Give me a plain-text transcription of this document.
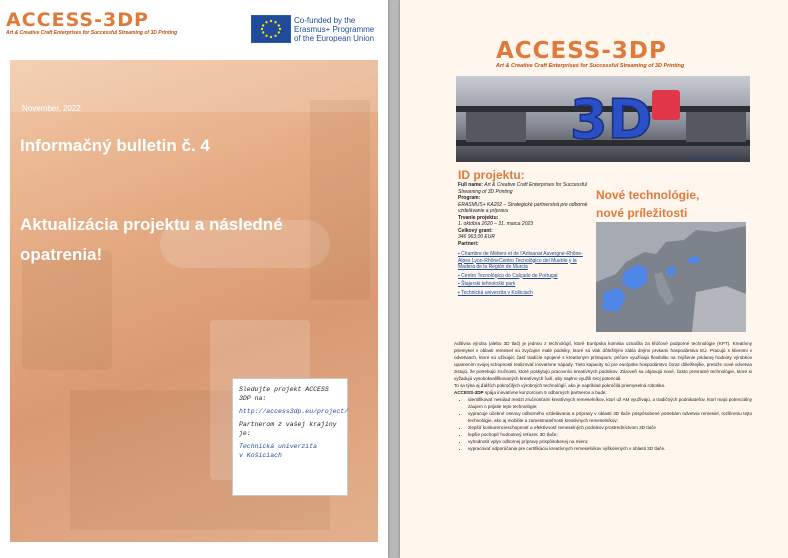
ACCESS-3DP
Art & Creative Craft Enterprises for Successful Streaming of 3D Printing
Co-funded by the Erasmus+ Programme of the European Union
November, 2022
Informačný bulletin č. 4
Aktualizácia projektu a následné opatrenia!

Sledujte projekt ACCESS 3DP na:

http://access3dp.eu/project/

Partnerom z vašej krajiny je:

Technická univerzita

v Košiciach

ACCESS-3DP
Art & Creative Craft Enterprises for Successful Streaming of 3D Printing
3D
https://mycraftdesignt.com
ID projektu:
Nové technológie,
nové príležitosti
Full name: Art & Creative Craft Enterprises for Successful Streaming of 3D Printing
Program:
ERASMUS+ KA202 – Strategické partnerstvá pre odborné vzdelávanie a prípravu
Trvanie projektu:
1. októbra 2020 – 31. marca 2023
Celkový grant:
346 963,00 EUR
Partneri:
▪ Chambre de Métiers et de l'Artisanat Auvergne-Rhône-Alpes Lyon-RhôneCentro Tecnológico del Mueble y la Madera de la Región de Murcia
▪ Centro Tecnológico do Calçado de Portugal
▪ Štajerski tehnološki park
▪ Technická univerzita v Košiciach

Aditívna výroba (alebo 3D tlač) je jednou z technológií, ktoré Európska komisia označila za kľúčové podporné technológie (KPT). Kreatívny priemysel v oblasti remesiel sú zvyčajne malé podniky, ktoré sú vlak dôležitými zákla dnými prvkami hospodárstva EÚ. Pracujú s klientmi v odvetviach, ktoré sú užívajúc časť tradície spojené s kreatívnym prístupom, pričom využívajú flexibilitu na zvýšenie pridanej hodnoty výrobkov upatnením svojej schopnosti realizovať inovatívne nápady. Tieto kapacity sú pre európske hospodárstvo čoraz dôležitejšie, pretože nové odvetvia zistujú, že potrebujú zručnosti, ktoré poskytujú pracovníci kreatívnych podnikov. Zároveň sa objavujú nové, často prevratné technológie, ktoré si vyžadujú vysokokvalifikovaných kreatívnych ľudí, aby naplno využili svoj potenciál.

To sa týka aj ďalších pokročilých výrobných technológií, ako je napríklad pokročilá priemyselná robotika.

ACCESS-3DP spája inovatívne konzorcium 5 odborných partnerov a bude:

• identifikovať nesúlad medzi zručnosťami kreatívnych remeselníkov, ktorí už AM využívajú, a tradičných podnikateľov, ktorí majú potenciálny záujem o prijatie tejto technológie;
• vypracuje učebné osnovy odborného vzdelávania a prípravy v oblasti 3D tlače prispôsobené potrebám odvetvia remesiel, rozšíreniu tejto technológie, ako aj mobilite a zamestnateľnosti kreatívnych remeselníkov;
• zlepšiť konkurencieschopnosť a efektívnosť remeselných podnikov prostredníctvom 3D tlače
• lepšie pochopiť hodnotový reťazec 3D tlače;
• vyhodnotiť vplyv odbornej prípravy prispôsobenej na mieru;
• vypracovať odporúčania pre certifikáciu kreatívnych remeselníkov výškolených v oblasti 3D tlače.
